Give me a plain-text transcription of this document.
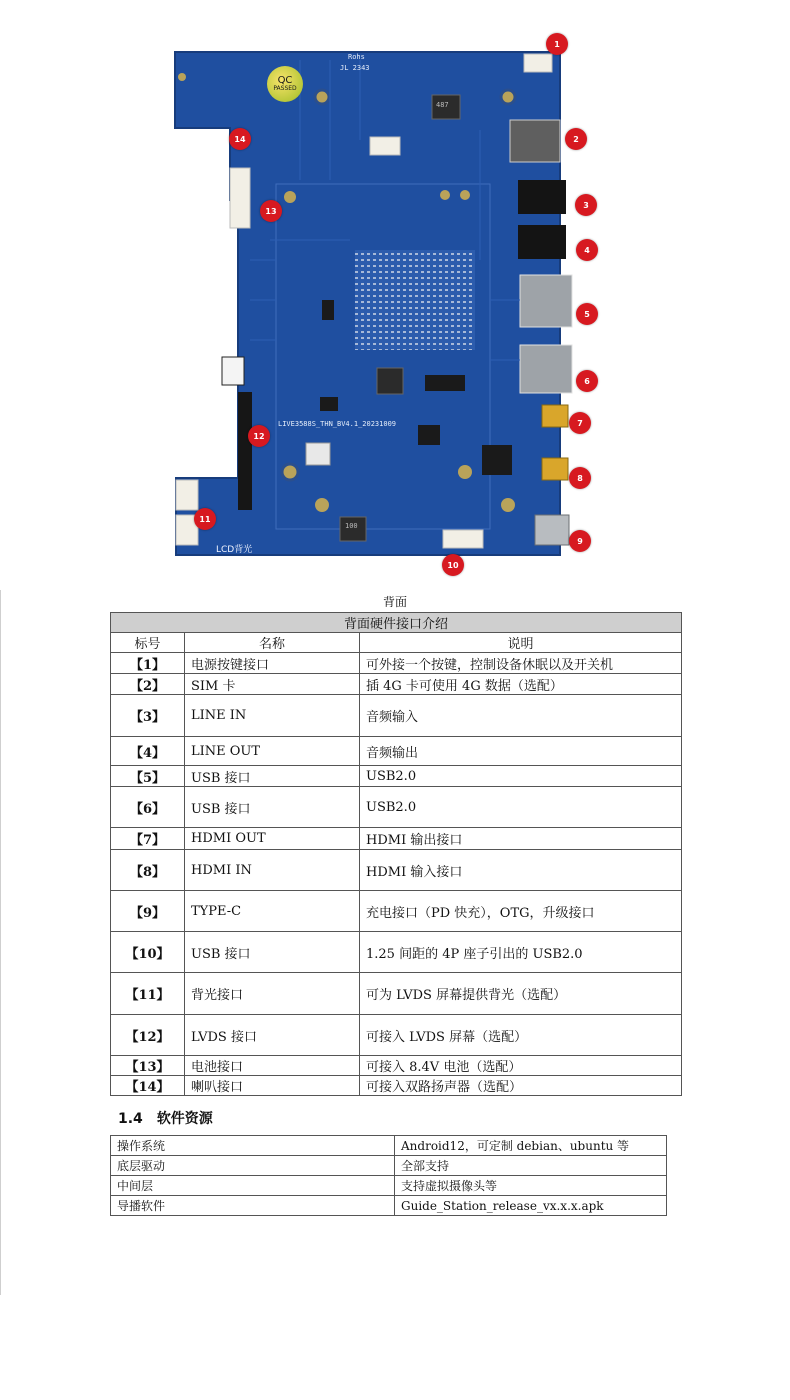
QC
PASSED
Rohs
JL 2343
487
100
LIVE3588S_THN_BV4.1_20231009
LCD背光
1
2
3
4
5
6
7
8
9
10
11
12
13
14
背面
背面硬件接口介绍		
标号	名称	说明
【1】	电源按键接口	可外接一个按键，控制设备休眠以及开关机
【2】	SIM 卡	插 4G 卡可使用 4G 数据（选配）
【3】	LINE IN	音频输入
【4】	LINE OUT	音频输出
【5】	USB 接口	USB2.0
【6】	USB 接口	USB2.0
【7】	HDMI OUT	HDMI 输出接口
【8】	HDMI IN	HDMI 输入接口
【9】	TYPE-C	充电接口（PD 快充），OTG，升级接口
【10】	USB 接口	1.25 间距的 4P 座子引出的 USB2.0
【11】	背光接口	可为 LVDS 屏幕提供背光（选配）
【12】	LVDS 接口	可接入 LVDS 屏幕（选配）
【13】	电池接口	可接入 8.4V 电池（选配）
【14】	喇叭接口	可接入双路扬声器（选配）
1.4 软件资源
操作系统	Android12，可定制 debian、ubuntu 等
底层驱动	全部支持
中间层	支持虚拟摄像头等
导播软件	Guide_Station_release_vx.x.x.apk
